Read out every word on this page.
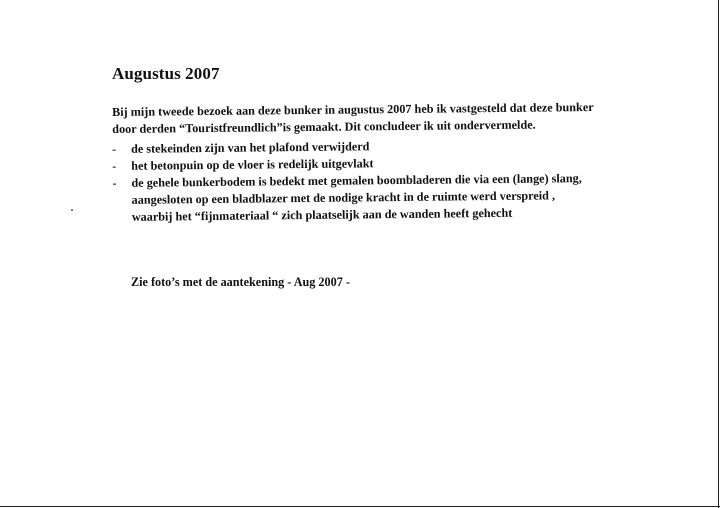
Augustus 2007
Bij mijn tweede bezoek aan deze bunker in augustus 2007 heb ik vastgesteld dat deze bunker
door derden “Touristfreundlich”is gemaakt. Dit concludeer ik uit ondervermelde.
-	de stekeinden zijn van het plafond verwijderd
-	het betonpuin op de vloer is redelijk uitgevlakt
-	de gehele bunkerbodem is bedekt met gemalen boombladeren die via een (lange) slang,
aangesloten op een bladblazer met de nodige kracht in de ruimte werd verspreid ,
waarbij het “fijnmateriaal “ zich plaatselijk aan de wanden heeft gehecht
Zie foto’s met de aantekening - Aug 2007 -
